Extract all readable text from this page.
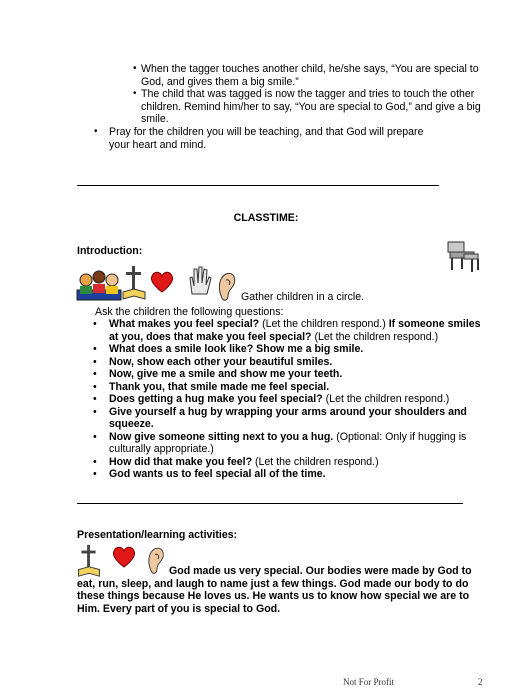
• When the tagger touches another child, he/she says, “You are special to God, and gives them a big smile.”
• The child that was tagged is now the tagger and tries to touch the other children. Remind him/her to say, “You are special to God,” and give a big smile.
•	Pray for the children you will be teaching, and that God will prepare your heart and mind.
CLASSTIME:
Introduction:
Gather children in a circle.
Ask the children the following questions:
• What makes you feel special? (Let the children respond.) If someone smiles at you, does that make you feel special? (Let the children respond.)
• What does a smile look like? Show me a big smile.
• Now, show each other your beautiful smiles.
• Now, give me a smile and show me your teeth.
• Thank you, that smile made me feel special.
• Does getting a hug make you feel special? (Let the children respond.)
• Give yourself a hug by wrapping your arms around your shoulders and squeeze.
• Now give someone sitting next to you a hug. (Optional: Only if hugging is culturally appropriate.)
• How did that make you feel? (Let the children respond.)
• God wants us to feel special all of the time.
Presentation/learning activities:
God made us very special. Our bodies were made by God to eat, run, sleep, and laugh to name just a few things. God made our body to do these things because He loves us. He wants us to know how special we are to Him. Every part of you is special to God.
Not For Profit	2
